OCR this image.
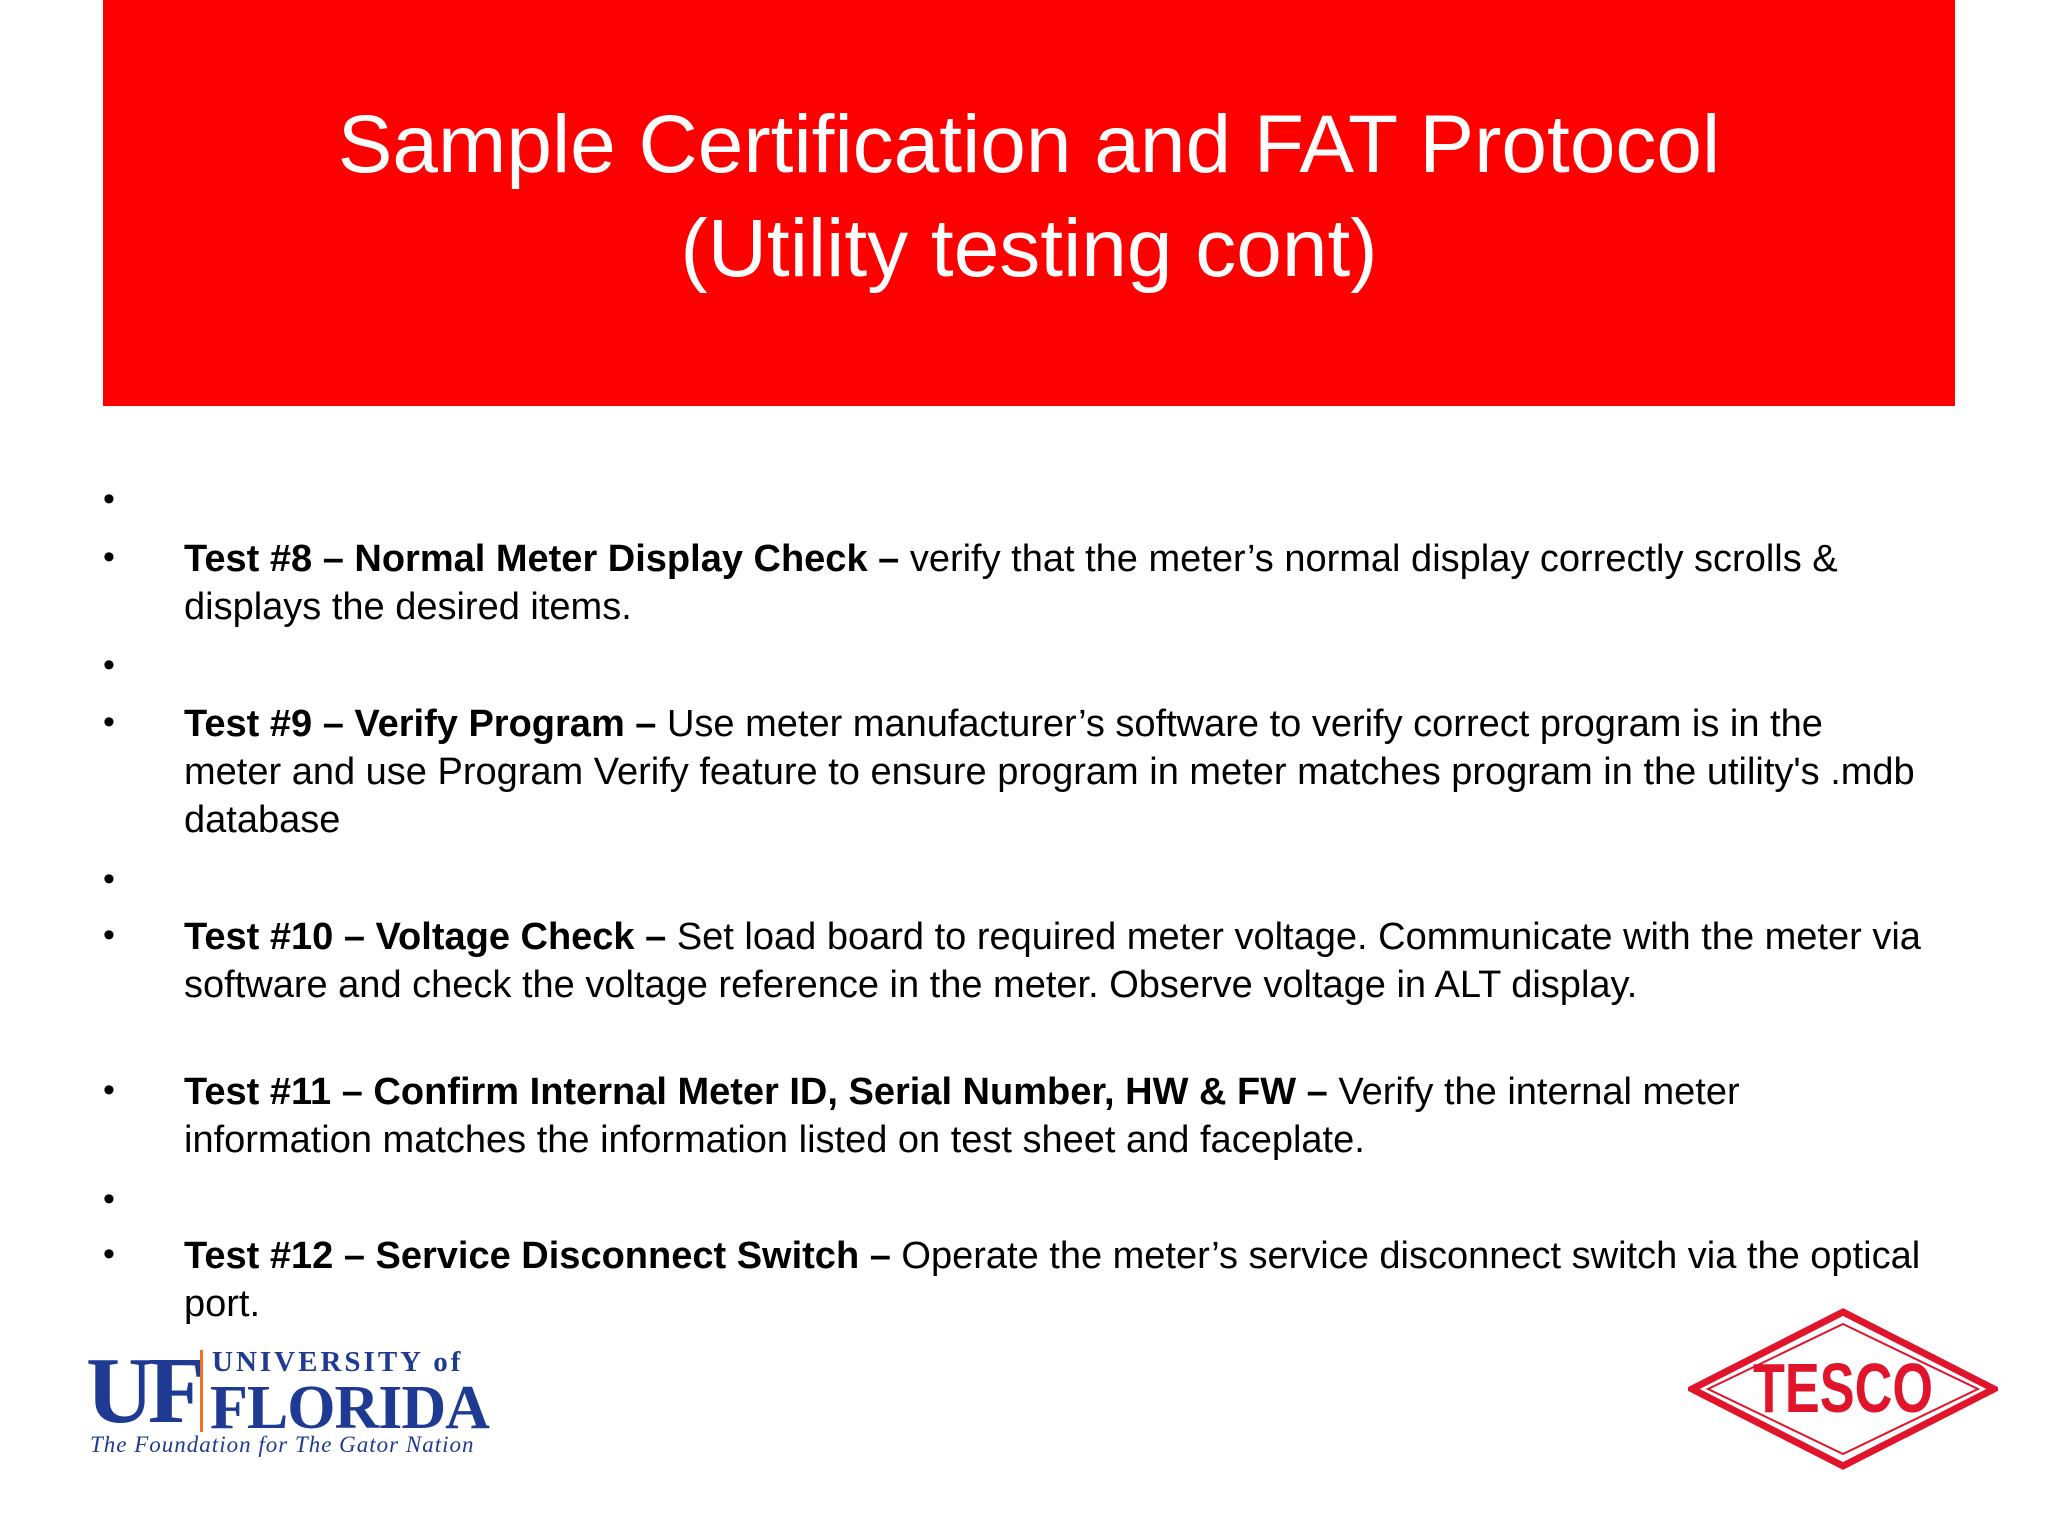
•
• Test #8 – Normal Meter Display Check – verify that the meter’s normal display correctly scrolls & displays the desired items.
•
• Test #9 – Verify Program – Use meter manufacturer’s software to verify correct program is in the meter and use Program Verify feature to ensure program in meter matches program in the utility's .mdb database
•
• Test #10 – Voltage Check – Set load board to required meter voltage. Communicate with the meter via software and check the voltage reference in the meter. Observe voltage in ALT display.
• Test #11 – Confirm Internal Meter ID, Serial Number, HW & FW – Verify the internal meter information matches the information listed on test sheet and faceplate.
•
• Test #12 – Service Disconnect Switch – Operate the meter’s service disconnect switch via the optical port.
Sample Certification and FAT Protocol
(Utility testing cont)
UF UNIVERSITY of
FLORIDA
The Foundation for The Gator Nation
TESCO
